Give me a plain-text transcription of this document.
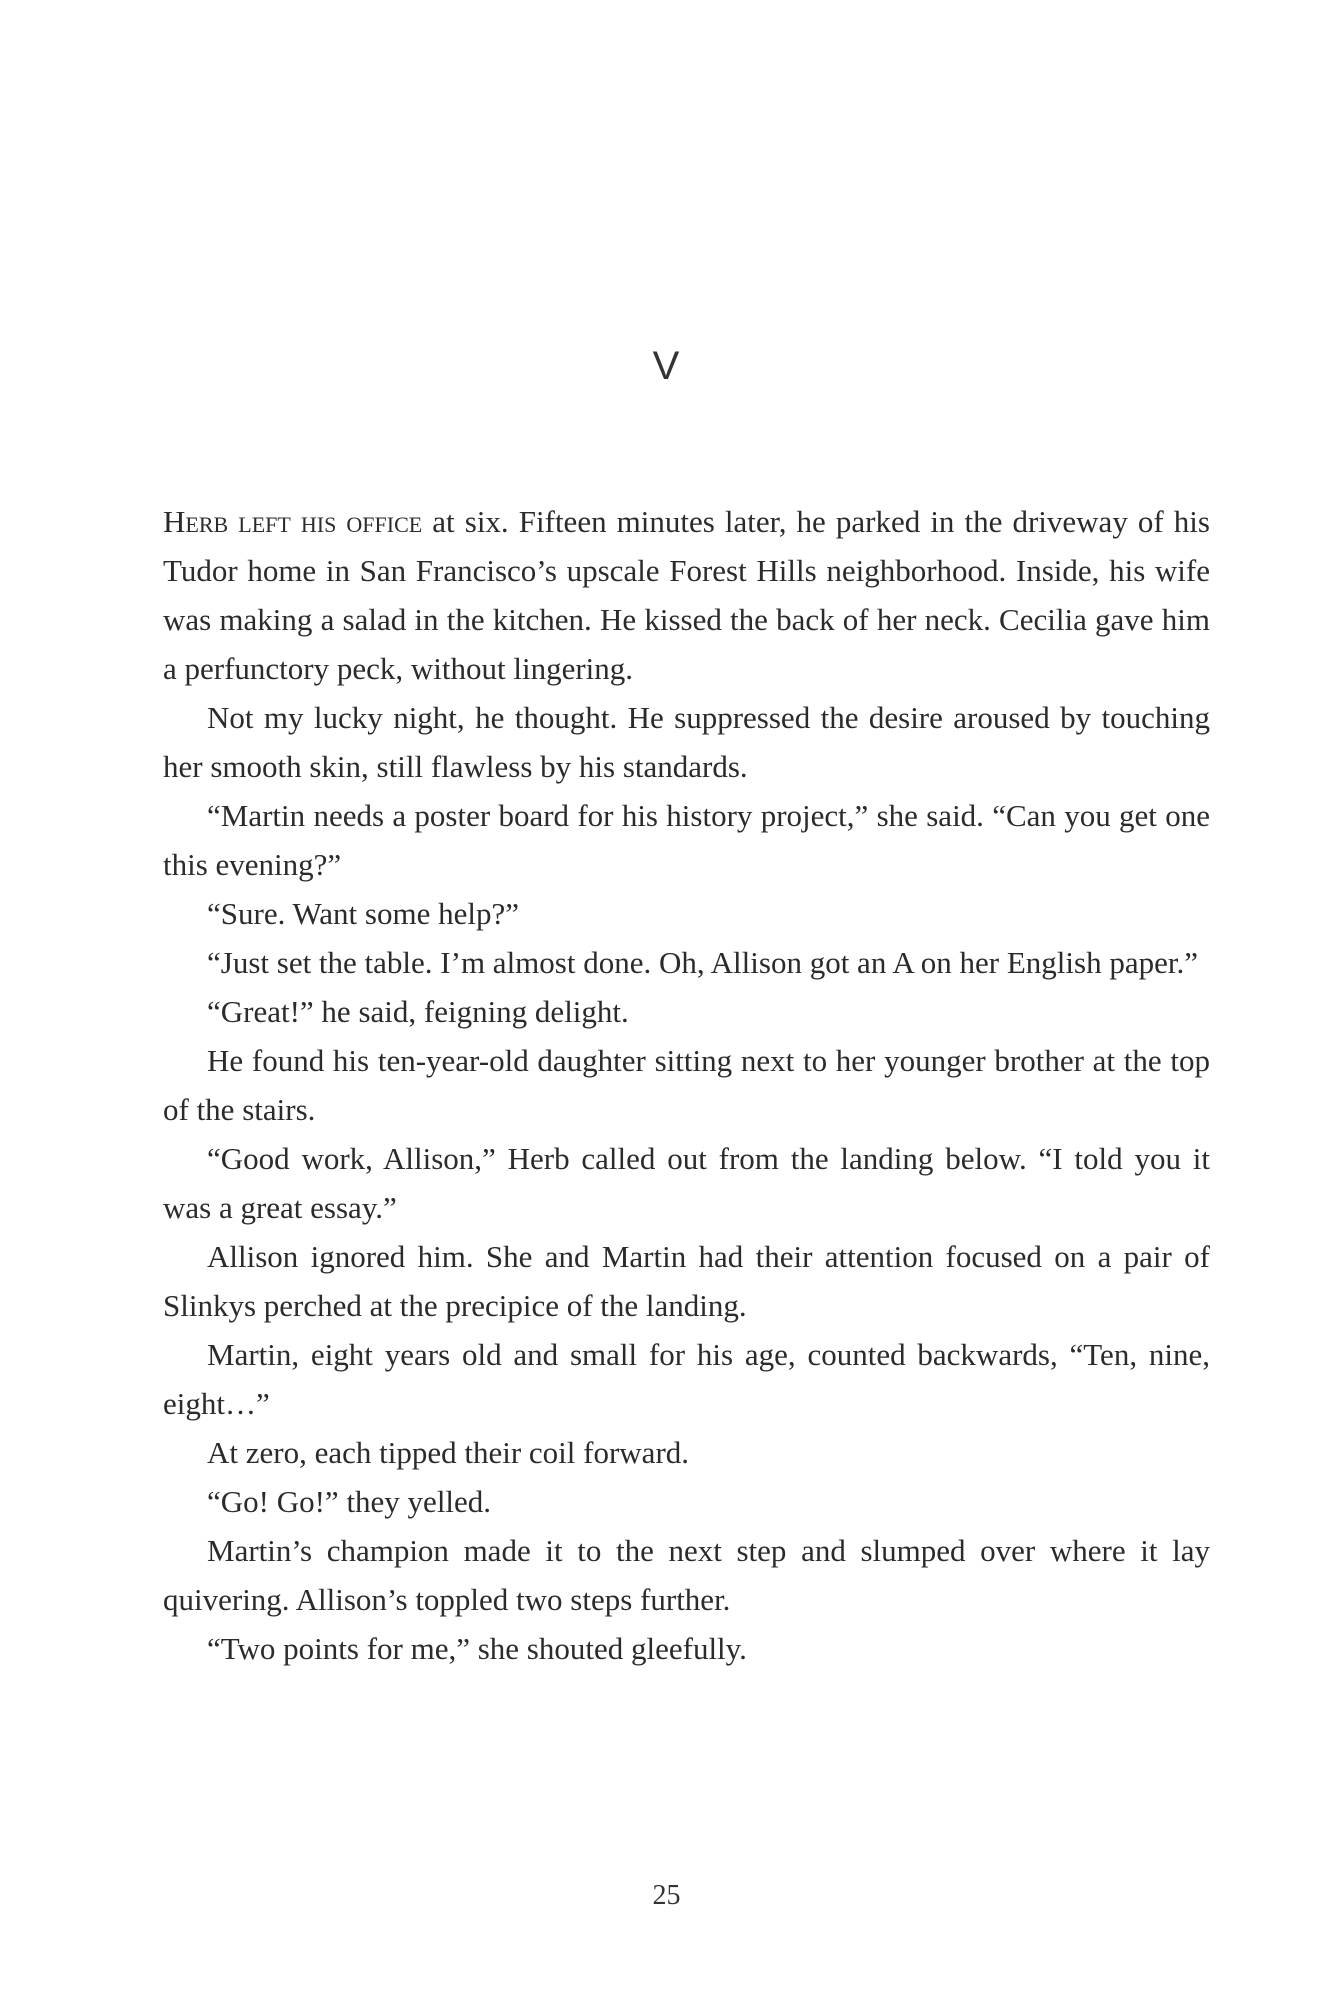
V

Herb left his office at six. Fifteen minutes later, he parked in the driveway of his Tudor home in San Francisco’s upscale Forest Hills neighborhood. Inside, his wife was making a salad in the kitchen. He kissed the back of her neck. Cecilia gave him a perfunctory peck, without lingering.

Not my lucky night, he thought. He suppressed the desire aroused by touching her smooth skin, still flawless by his standards.

“Martin needs a poster board for his history project,” she said. “Can you get one this evening?”

“Sure. Want some help?”

“Just set the table. I’m almost done. Oh, Allison got an A on her English paper.”

“Great!” he said, feigning delight.

He found his ten-year-old daughter sitting next to her younger brother at the top of the stairs.

“Good work, Allison,” Herb called out from the landing below. “I told you it was a great essay.”

Allison ignored him. She and Martin had their attention focused on a pair of Slinkys perched at the precipice of the landing.

Martin, eight years old and small for his age, counted backwards, “Ten, nine, eight…”

At zero, each tipped their coil forward.

“Go! Go!” they yelled.

Martin’s champion made it to the next step and slumped over where it lay quivering. Allison’s toppled two steps further.

“Two points for me,” she shouted gleefully.

25
